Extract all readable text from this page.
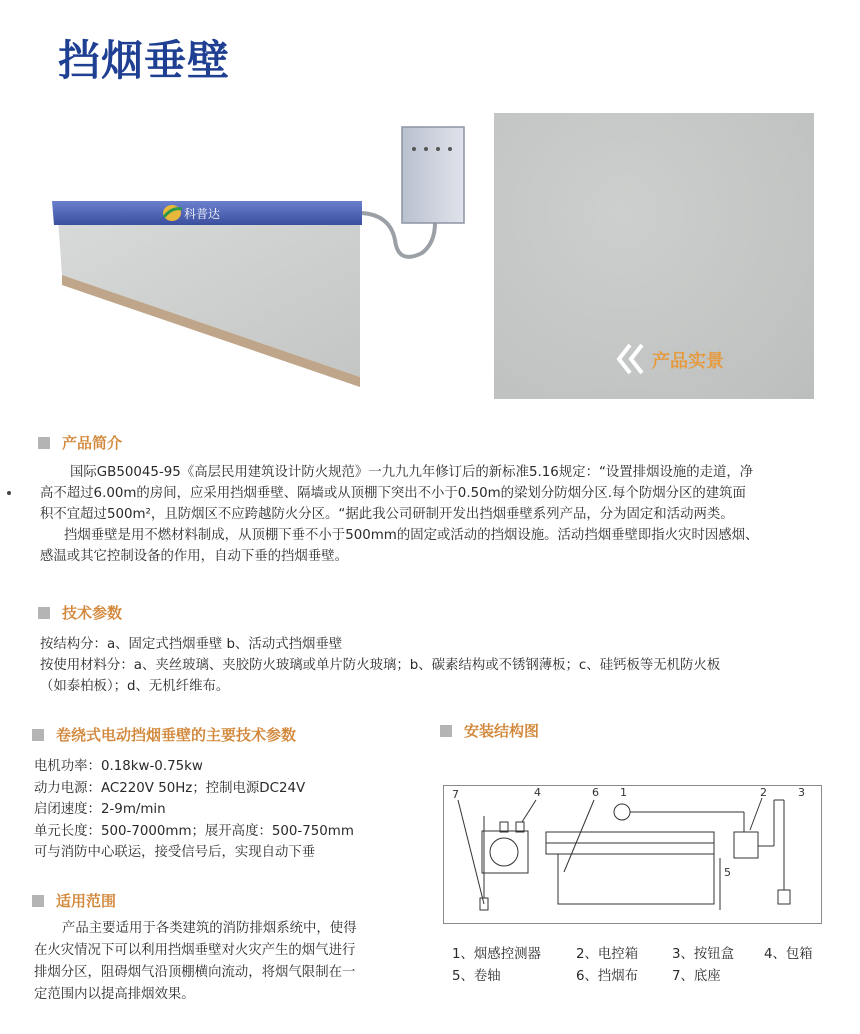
挡烟垂壁
科普达
产品实景
产品简介

国际GB50045-95《高层民用建筑设计防火规范》一九九九年修订后的新标准5.16规定：“设置排烟设施的走道，净

高不超过6.00m的房间，应采用挡烟垂壁、隔墙或从顶棚下突出不小于0.50m的梁划分防烟分区.每个防烟分区的建筑面

积不宜超过500m²，且防烟区不应跨越防火分区。“据此我公司研制开发出挡烟垂壁系列产品，分为固定和活动两类。

挡烟垂壁是用不燃材料制成，从顶棚下垂不小于500mm的固定或活动的挡烟设施。活动挡烟垂壁即指火灾时因感烟、

感温或其它控制设备的作用，自动下垂的挡烟垂壁。

技术参数

按结构分：a、固定式挡烟垂壁 b、活动式挡烟垂壁

按使用材料分：a、夹丝玻璃、夹胶防火玻璃或单片防火玻璃；b、碳素结构或不锈钢薄板；c、硅钙板等无机防火板

（如泰柏板）；d、无机纤维布。

卷绕式电动挡烟垂壁的主要技术参数

电机功率：0.18kw-0.75kw

动力电源：AC220V 50Hz；控制电源DC24V

启闭速度：2-9m/min

单元长度：500-7000mm；展开高度：500-750mm

可与消防中心联运，接受信号后，实现自动下垂

适用范围

产品主要适用于各类建筑的消防排烟系统中，使得

在火灾情况下可以利用挡烟垂壁对火灾产生的烟气进行

排烟分区，阻碍烟气沿顶棚横向流动，将烟气限制在一

定范围内以提高排烟效果。

安装结构图
7	4	6 1	2	3
5
1、烟感控测器	2、电控箱	3、按钮盒 4、包箱
5、卷轴	6、挡烟布	7、底座
